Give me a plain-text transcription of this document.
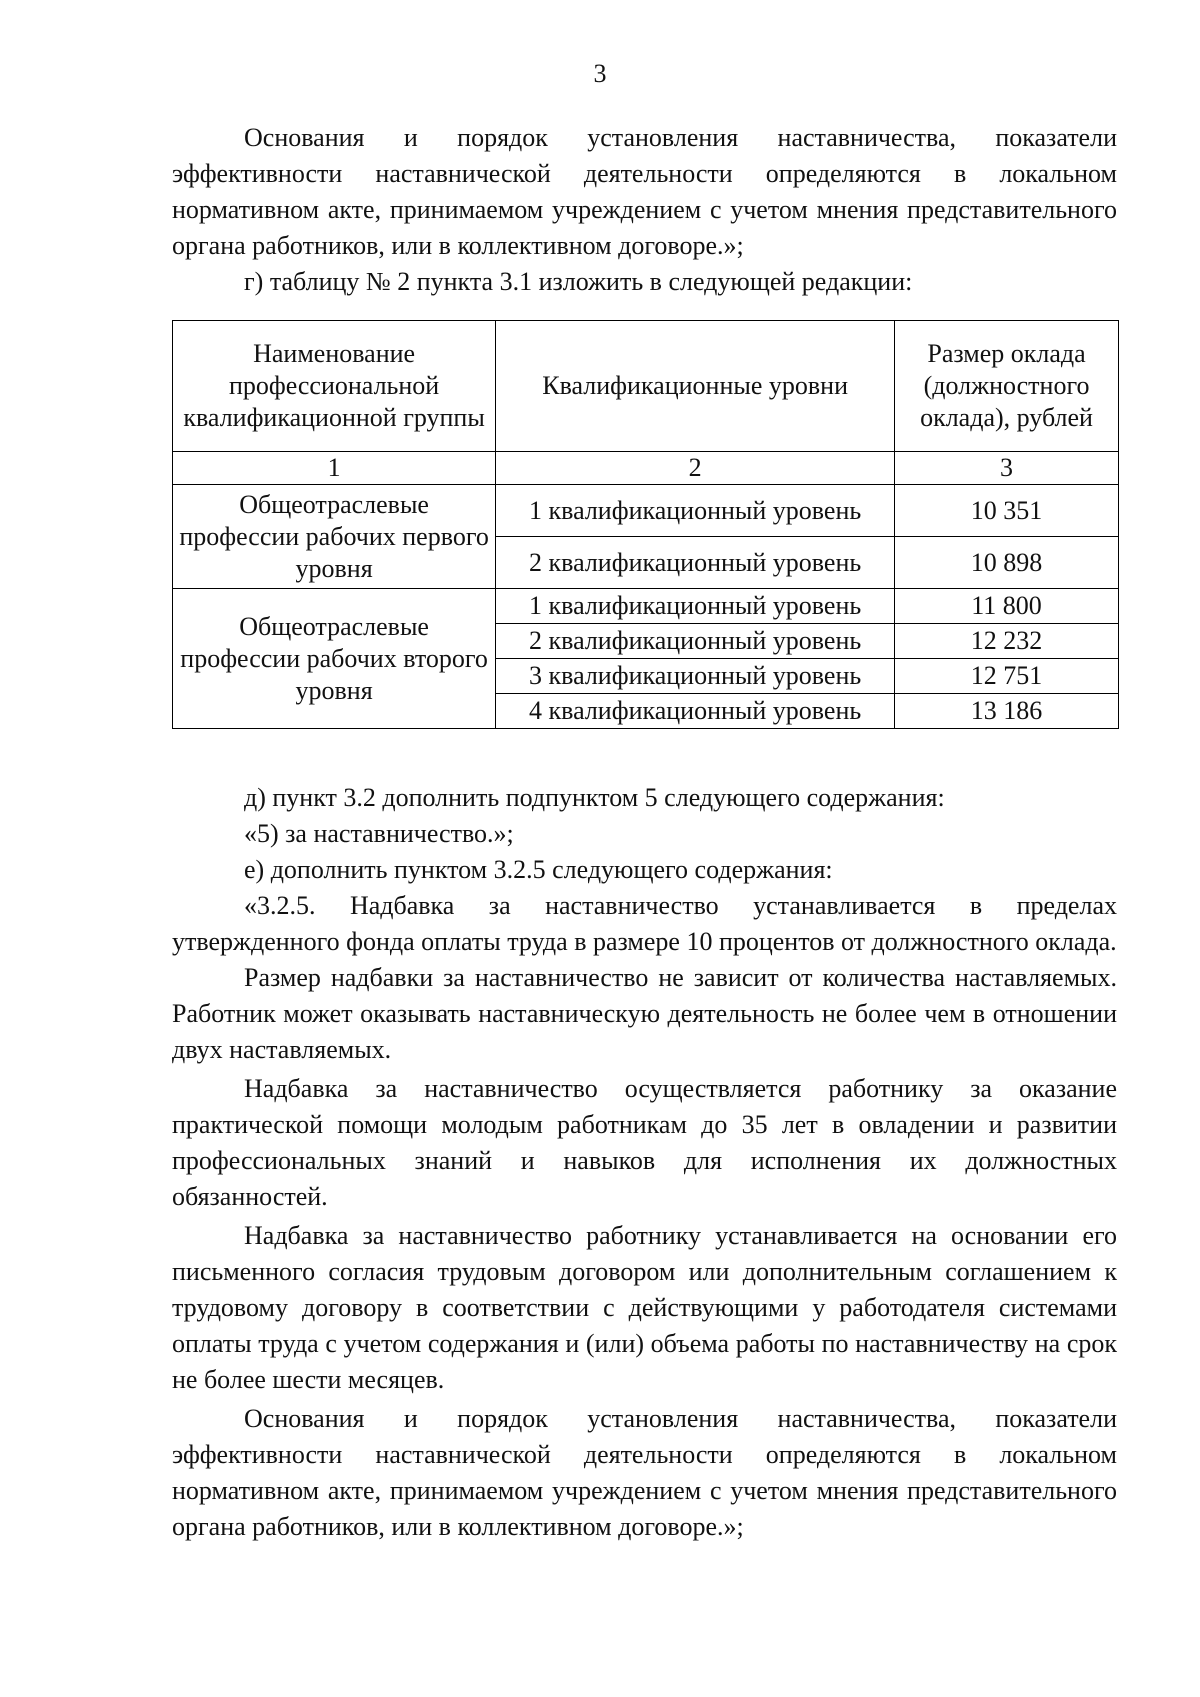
3

Основания и порядок установления наставничества, показатели эффективности наставнической деятельности определяются в локальном нормативном акте, принимаемом учреждением с учетом мнения представительного органа работников, или в коллективном договоре.»;

г) таблицу № 2 пункта 3.1 изложить в следующей редакции:

Наименование профессиональной квалификационной группы	Квалификационные уровни	Размер оклада (должностного оклада), рублей
1	2	3
Общеотраслевые профессии рабочих первого уровня	1 квалификационный уровень	10 351
	2 квалификационный уровень	10 898
Общеотраслевые профессии рабочих второго уровня	1 квалификационный уровень	11 800
	2 квалификационный уровень	12 232
	3 квалификационный уровень	12 751
	4 квалификационный уровень	13 186

д) пункт 3.2 дополнить подпунктом 5 следующего содержания:

«5) за наставничество.»;

е) дополнить пунктом 3.2.5 следующего содержания:

«3.2.5. Надбавка за наставничество устанавливается в пределах утвержденного фонда оплаты труда в размере 10 процентов от должностного оклада.

Размер надбавки за наставничество не зависит от количества наставляемых. Работник может оказывать наставническую деятельность не более чем в отношении двух наставляемых.

Надбавка за наставничество осуществляется работнику за оказание практической помощи молодым работникам до 35 лет в овладении и развитии профессиональных знаний и навыков для исполнения их должностных обязанностей.

Надбавка за наставничество работнику устанавливается на основании его письменного согласия трудовым договором или дополнительным соглашением к трудовому договору в соответствии с действующими у работодателя системами оплаты труда с учетом содержания и (или) объема работы по наставничеству на срок не более шести месяцев.

Основания и порядок установления наставничества, показатели эффективности наставнической деятельности определяются в локальном нормативном акте, принимаемом учреждением с учетом мнения представительного органа работников, или в коллективном договоре.»;
